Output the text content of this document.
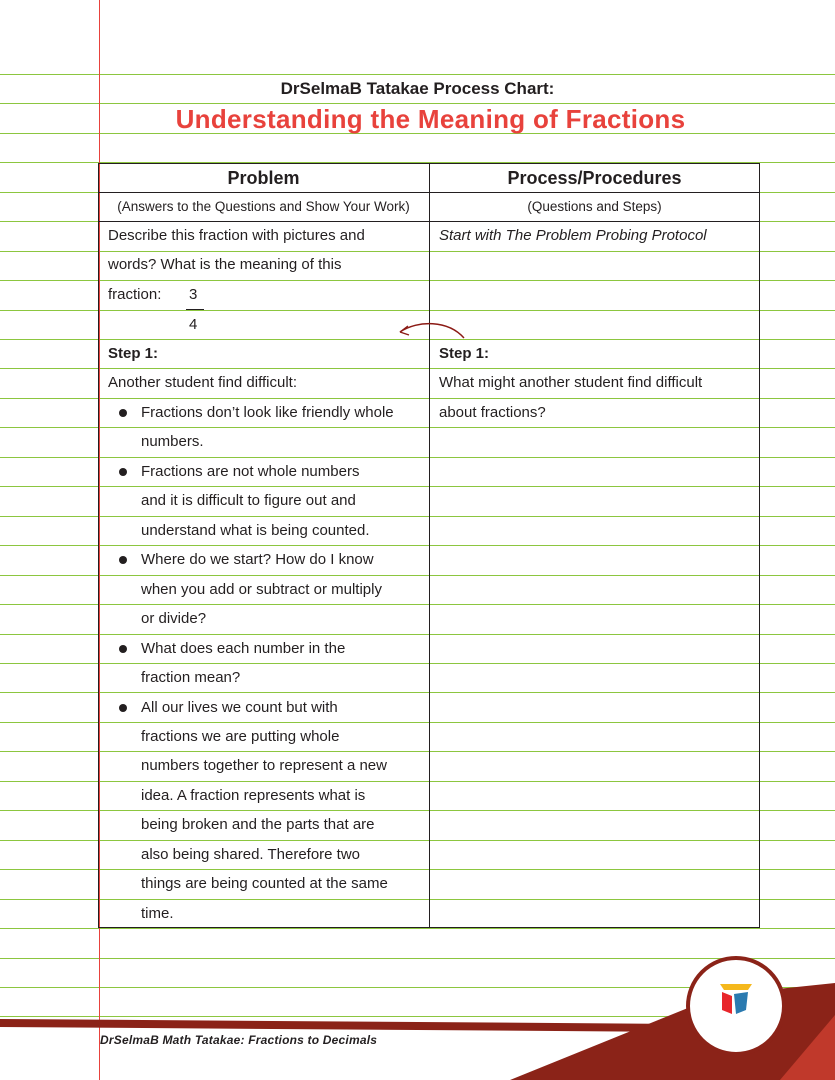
DrSelmaB Tatakae Process Chart:
Understanding the Meaning of Fractions
Problem
(Answers to the Questions and Show Your Work)
Process/Procedures
(Questions and Steps)
Describe this fraction with pictures and
words? What is the meaning of this
fraction: 3
4
Start with The Problem Probing Protocol
Step 1:	Step 1:
Another student find difficult:	What might another student find difficult
about fractions?
Fractions don’t look like friendly whole
numbers.
Fractions are not whole numbers
and it is difficult to figure out and
understand what is being counted.
Where do we start? How do I know
when you add or subtract or multiply
or divide?
What does each number in the
fraction mean?
All our lives we count but with
fractions we are putting whole
numbers together to represent a new
idea. A fraction represents what is
being broken and the parts that are
also being shared. Therefore two
things are being counted at the same
time.
DrSelmaB Math Tatakae: Fractions to Decimals
